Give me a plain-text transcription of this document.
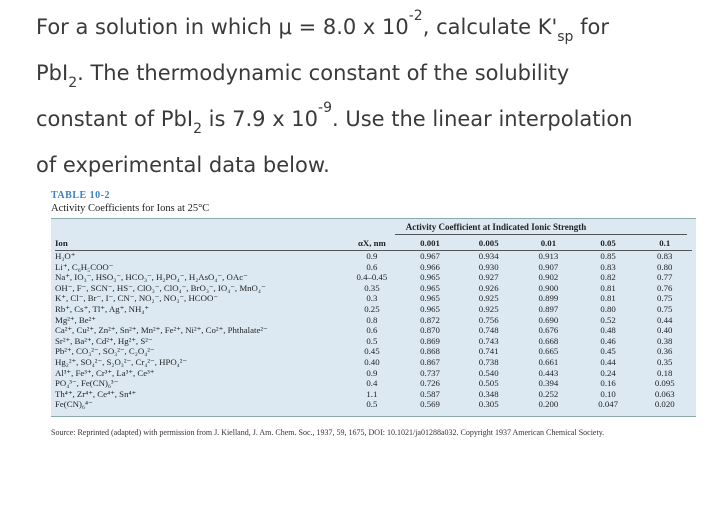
For a solution in which μ = 8.0 x $10^{-2}$, calculate $K'_{sp}$ for
PbI$_2$. The thermodynamic constant of the solubility
constant of PbI$_2$ is 7.9 x $10^{-9}$. Use the linear interpolation
of experimental data below.
TABLE 10-2
Activity Coefficients for Ions at 25°C
Activity Coefficient at Indicated Ionic Strength
Ion	αX, nm	0.001	0.005	0.01	0.05	0.1
H₃O⁺	0.9	0.967	0.934	0.913	0.85	0.83
Li⁺, C₆H₅COO⁻	0.6	0.966	0.930	0.907	0.83	0.80
Na⁺, IO₃⁻, HSO₃⁻, HCO₃⁻, H₂PO₄⁻, H₂AsO₄⁻, OAc⁻	0.4–0.45	0.965	0.927	0.902	0.82	0.77
OH⁻, F⁻, SCN⁻, HS⁻, ClO₃⁻, ClO₄⁻, BrO₃⁻, IO₄⁻, MnO₄⁻	0.35	0.965	0.926	0.900	0.81	0.76
K⁺, Cl⁻, Br⁻, I⁻, CN⁻, NO₂⁻, NO₃⁻, HCOO⁻	0.3	0.965	0.925	0.899	0.81	0.75
Rb⁺, Cs⁺, Tl⁺, Ag⁺, NH₄⁺	0.25	0.965	0.925	0.897	0.80	0.75
Mg²⁺, Be²⁺	0.8	0.872	0.756	0.690	0.52	0.44
Ca²⁺, Cu²⁺, Zn²⁺, Sn²⁺, Mn²⁺, Fe²⁺, Ni²⁺, Co²⁺, Phthalate²⁻	0.6	0.870	0.748	0.676	0.48	0.40
Sr²⁺, Ba²⁺, Cd²⁺, Hg²⁺, S²⁻	0.5	0.869	0.743	0.668	0.46	0.38
Pb²⁺, CO₃²⁻, SO₃²⁻, C₂O₄²⁻	0.45	0.868	0.741	0.665	0.45	0.36
Hg₂²⁺, SO₄²⁻, S₂O₃²⁻, Cr₄²⁻, HPO₄²⁻	0.40	0.867	0.738	0.661	0.44	0.35
Al³⁺, Fe³⁺, Cr³⁺, La³⁺, Ce³⁺	0.9	0.737	0.540	0.443	0.24	0.18
PO₄³⁻, Fe(CN)₆³⁻	0.4	0.726	0.505	0.394	0.16	0.095
Th⁴⁺, Zr⁴⁺, Ce⁴⁺, Sn⁴⁺	1.1	0.587	0.348	0.252	0.10	0.063
Fe(CN)₆⁴⁻	0.5	0.569	0.305	0.200	0.047	0.020
Source: Reprinted (adapted) with permission from J. Kielland, J. Am. Chem. Soc., 1937, 59, 1675, DOI: 10.1021/ja01288a032. Copyright 1937 American Chemical Society.
